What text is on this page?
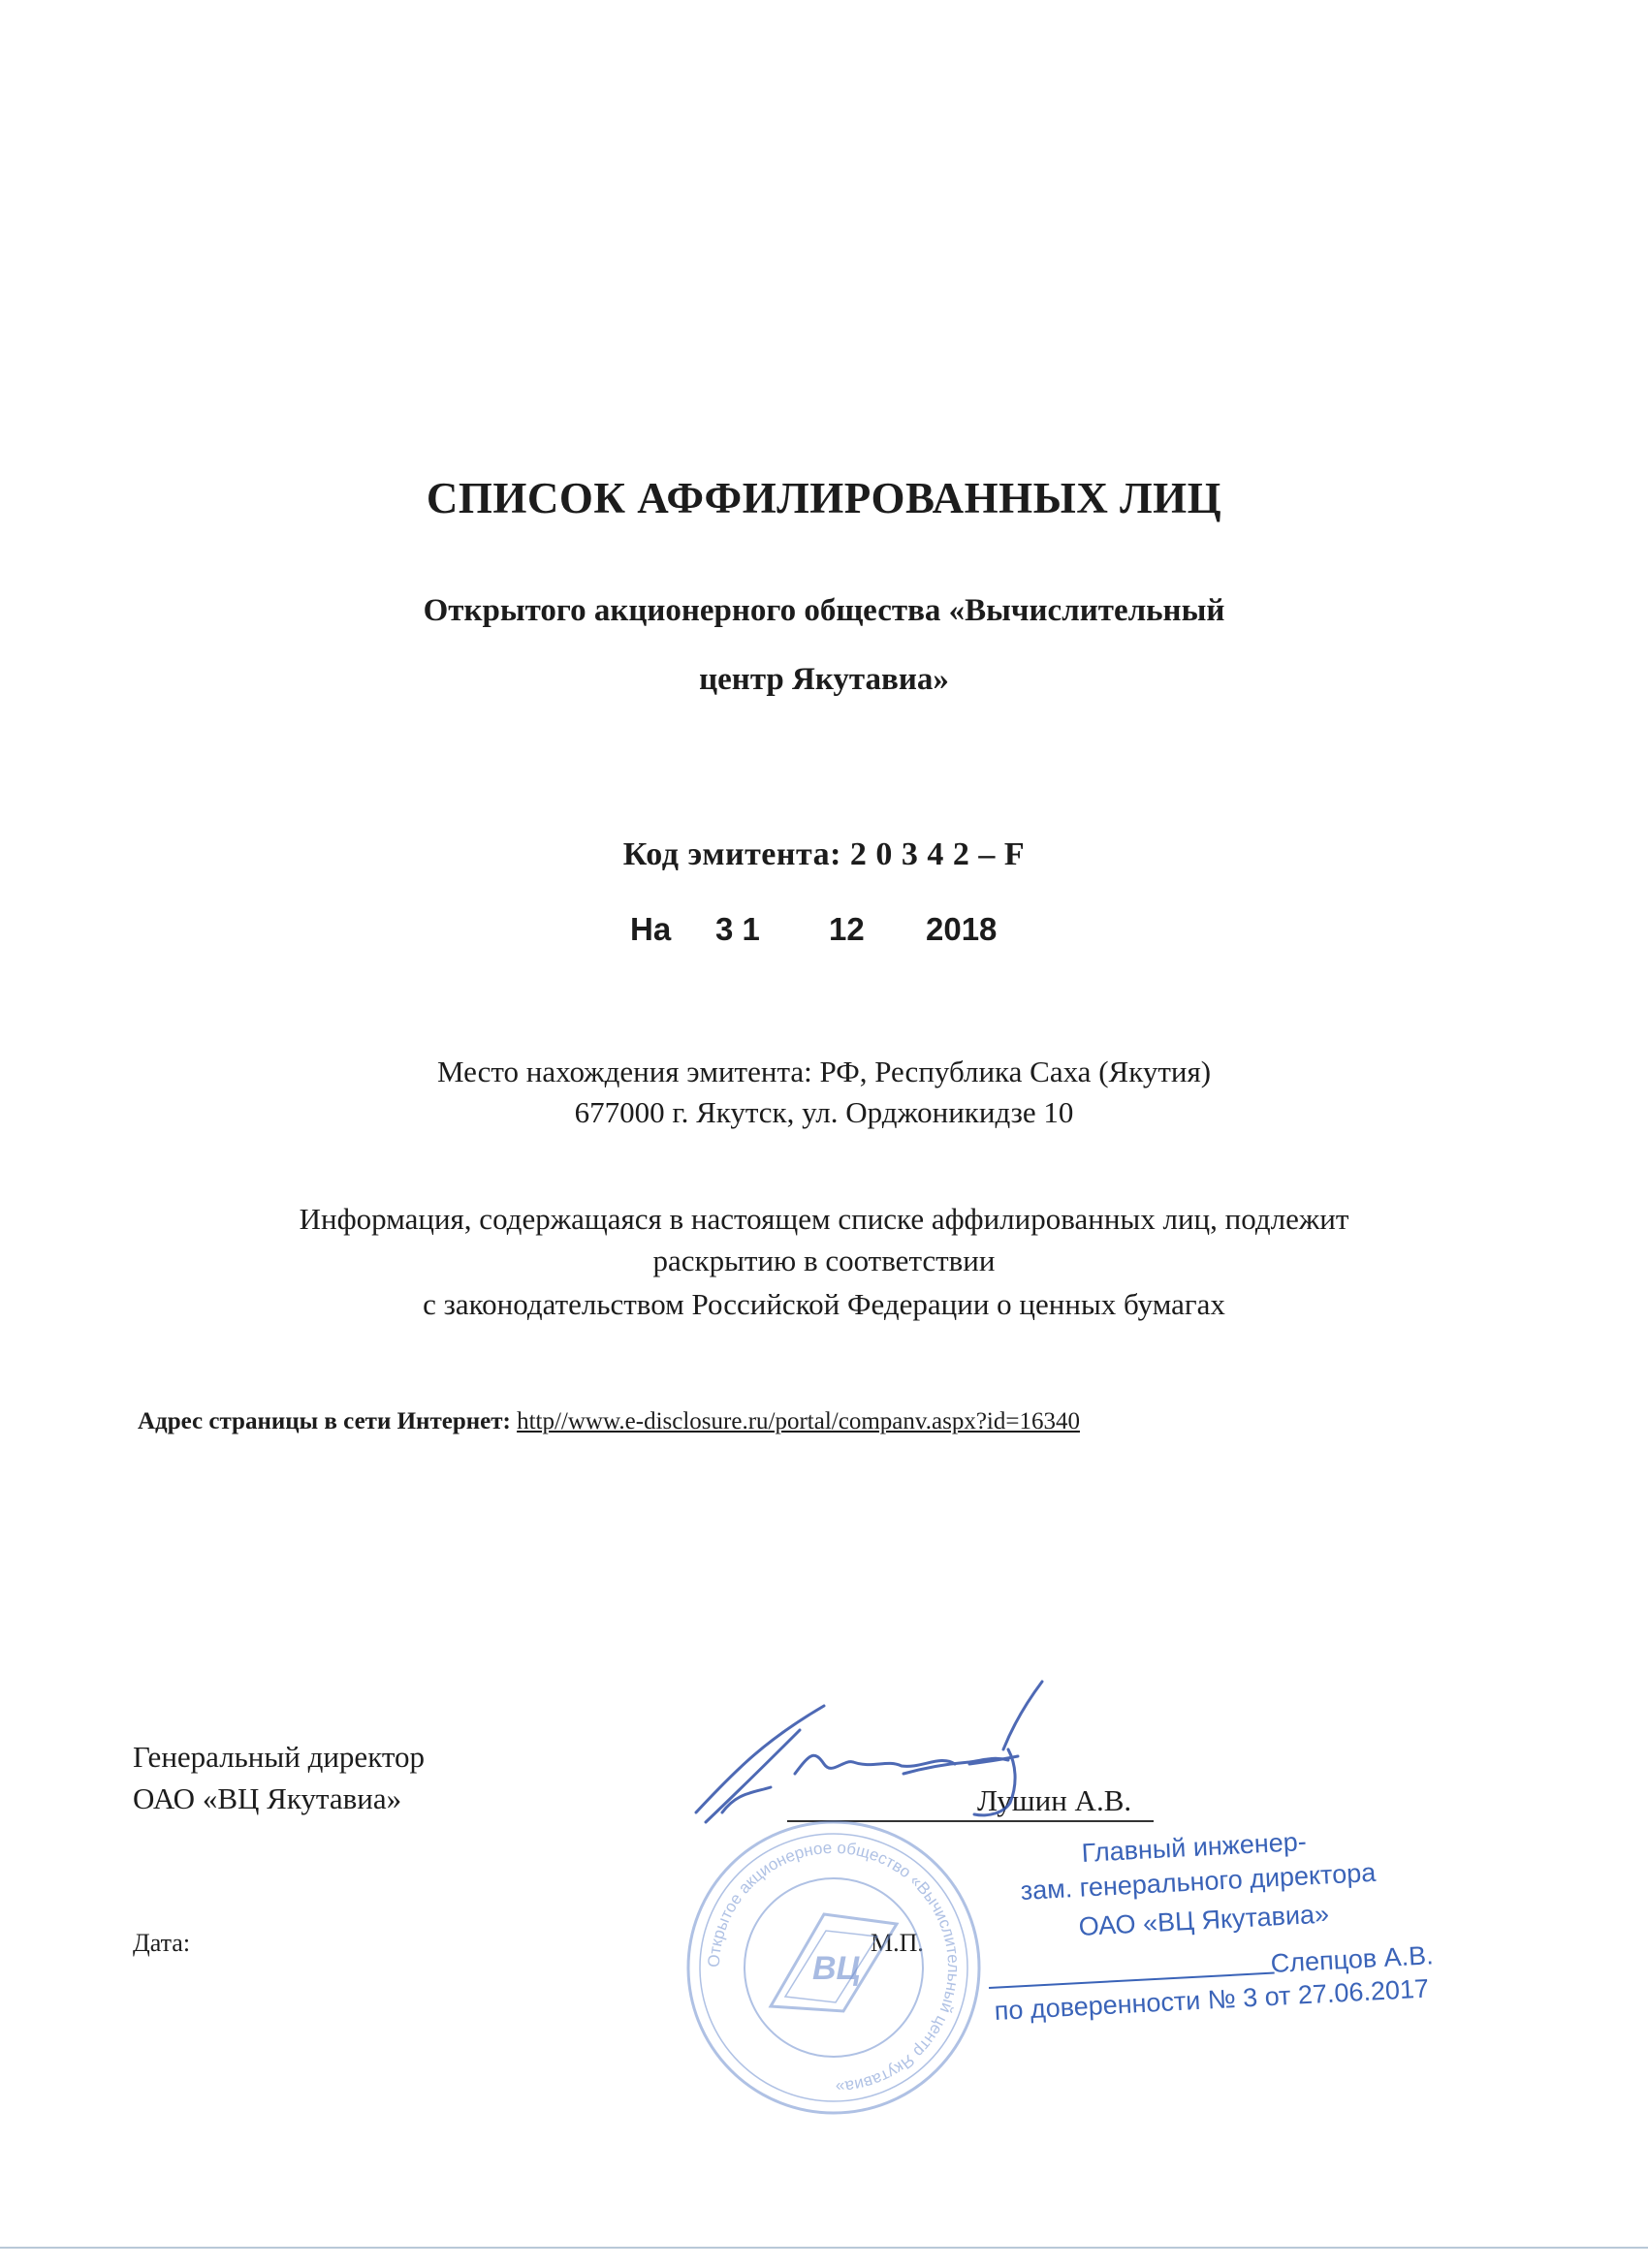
СПИСОК АФФИЛИРОВАННЫХ ЛИЦ
Открытого акционерного общества «Вычислительный
центр Якутавиа»
Код эмитента: 2 0 3 4 2 – F
На 3 1 12 2018
Место нахождения эмитента: РФ, Республика Саха (Якутия)
677000 г. Якутск, ул. Орджоникидзе 10
Информация, содержащаяся в настоящем списке аффилированных лиц, подлежит
раскрытию в соответствии
с законодательством Российской Федерации о ценных бумагах
Адрес страницы в сети Интернет: http//www.e-disclosure.ru/portal/companv.aspx?id=16340
Генеральный директор
ОАО «ВЦ Якутавиа»	Лушин А.В.
Дата:	М.П.
Открытое акционерное общество «Вычислительный центр Якутавиа»
ВЦ
Главный инженер-
зам. генерального директора
ОАО «ВЦ Якутавиа»
Слепцов А.В.
по доверенности № 3 от 27.06.2017
